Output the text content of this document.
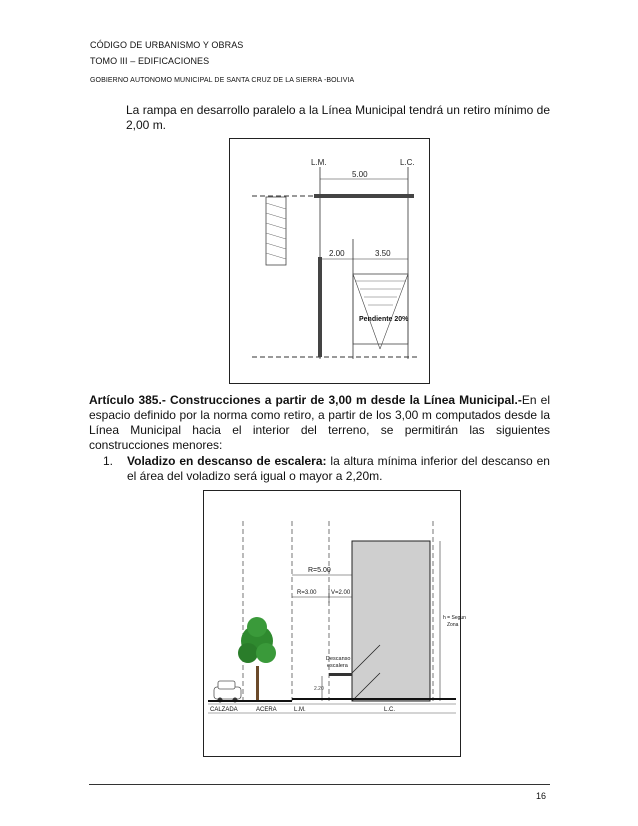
CÓDIGO DE URBANISMO Y OBRAS
TOMO III – EDIFICACIONES
GOBIERNO AUTONOMO MUNICIPAL DE SANTA CRUZ DE LA SIERRA -BOLIVIA
La rampa en desarrollo paralelo a la Línea Municipal tendrá un retiro mínimo de 2,00 m.
5.00
L.M.	L.C.
2.00	3.50
Pendiente 20%
Artículo 385.- Construcciones a partir de 3,00 m desde la Línea Municipal.-En el espacio definido por la norma como retiro, a partir de los 3,00 m computados desde la Línea Municipal hacia el interior del terreno, se permitirán las siguientes construcciones menores:
1. Voladizo en descanso de escalera: la altura mínima inferior del descanso en el área del voladizo será igual o mayor a 2,20m.
R=5.00
R=3.00 V=2.00
h = Segun
Zona
Descanso
escalera
2.20
CALZADA	ACERA	L.M.	L.C.
16
